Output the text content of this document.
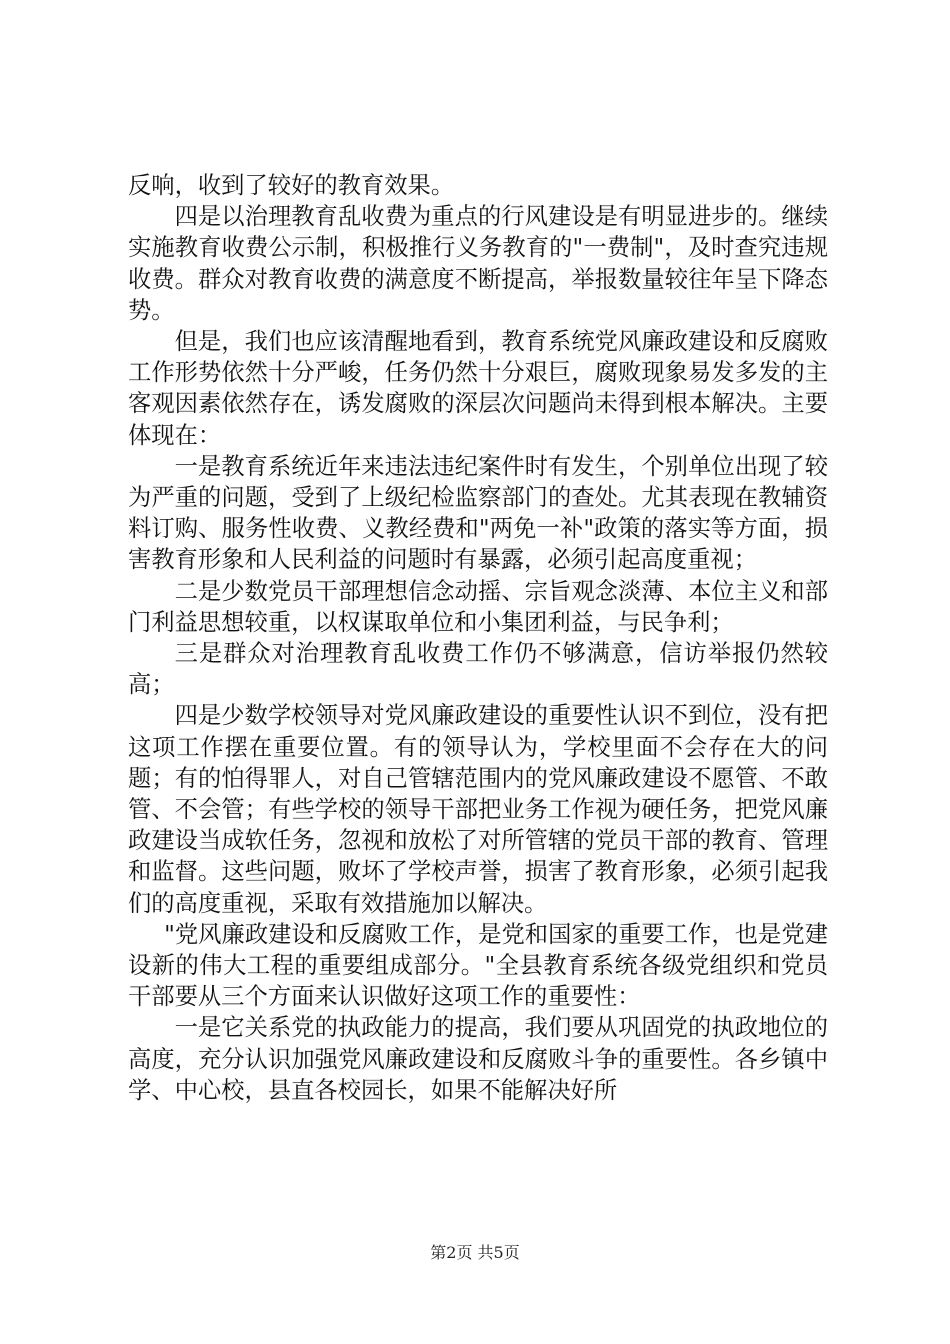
反响，收到了较好的教育效果。

四是以治理教育乱收费为重点的行风建设是有明显进步的。继续实施教育收费公示制，积极推行义务教育的"一费制"，及时查究违规收费。群众对教育收费的满意度不断提高，举报数量较往年呈下降态势。

但是，我们也应该清醒地看到，教育系统党风廉政建设和反腐败工作形势依然十分严峻，任务仍然十分艰巨，腐败现象易发多发的主客观因素依然存在，诱发腐败的深层次问题尚未得到根本解决。主要体现在：

一是教育系统近年来违法违纪案件时有发生，个别单位出现了较为严重的问题，受到了上级纪检监察部门的查处。尤其表现在教辅资料订购、服务性收费、义教经费和"两免一补"政策的落实等方面，损害教育形象和人民利益的问题时有暴露，必须引起高度重视；

二是少数党员干部理想信念动摇、宗旨观念淡薄、本位主义和部门利益思想较重，以权谋取单位和小集团利益，与民争利；

三是群众对治理教育乱收费工作仍不够满意，信访举报仍然较高；

四是少数学校领导对党风廉政建设的重要性认识不到位，没有把这项工作摆在重要位置。有的领导认为，学校里面不会存在大的问题；有的怕得罪人，对自己管辖范围内的党风廉政建设不愿管、不敢管、不会管；有些学校的领导干部把业务工作视为硬任务，把党风廉政建设当成软任务，忽视和放松了对所管辖的党员干部的教育、管理和监督。这些问题，败坏了学校声誉，损害了教育形象，必须引起我们的高度重视，采取有效措施加以解决。

"党风廉政建设和反腐败工作，是党和国家的重要工作，也是党建设新的伟大工程的重要组成部分。"全县教育系统各级党组织和党员干部要从三个方面来认识做好这项工作的重要性：

一是它关系党的执政能力的提高，我们要从巩固党的执政地位的高度，充分认识加强党风廉政建设和反腐败斗争的重要性。各乡镇中学、中心校，县直各校园长，如果不能解决好所

第2页 共5页
